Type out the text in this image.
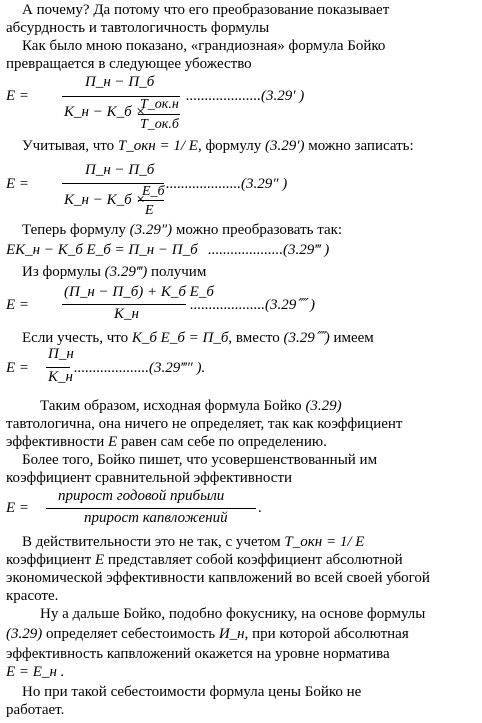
А почему? Да потому что его преобразование показывает
абсурдность и тавтологичность формулы
Как было мною показано, «грандиозная» формула Бойко
превращается в следующее убожество
E =
П_н − П_б
K_н − K_б ×
T_ок.н
T_ок.б
....................(3.29′ )
Учитывая, что T_окн = 1/ E, формулу (3.29′) можно записать:
E =
П_н − П_б
K_н − K_б ×
E_б
E
....................(3.29″ )
Теперь формулу (3.29″) можно преобразовать так:
EK_н − K_б E_б = П_н − П_б ....................(3.29‴ )
Из формулы (3.29‴) получим
E =
(П_н − П_б) + K_б E_б
K_н
....................(3.29⁗ )
Если учесть, что K_б E_б = П_б, вместо (3.29⁗) имеем
E =
П_н
K_н
....................(3.29‴″ ).
Таким образом, исходная формула Бойко (3.29)
тавтологична, она ничего не определяет, так как коэффициент
эффективности E равен сам себе по определению.
Более того, Бойко пишет, что усовершенствованный им
коэффициент сравнительной эффективности
E =
прирост годовой прибыли
прирост капвложений
.
В действительности это не так, с учетом T_окн = 1/ E
коэффициент E представляет собой коэффициент абсолютной
экономической эффективности капвложений во всей своей убогой
красоте.
Ну а дальше Бойко, подобно фокуснику, на основе формулы
(3.29) определяет себестоимость И_н, при которой абсолютная
эффективность капвложений окажется на уровне норматива
E = E_н .
Но при такой себестоимости формула цены Бойко не
работает.
